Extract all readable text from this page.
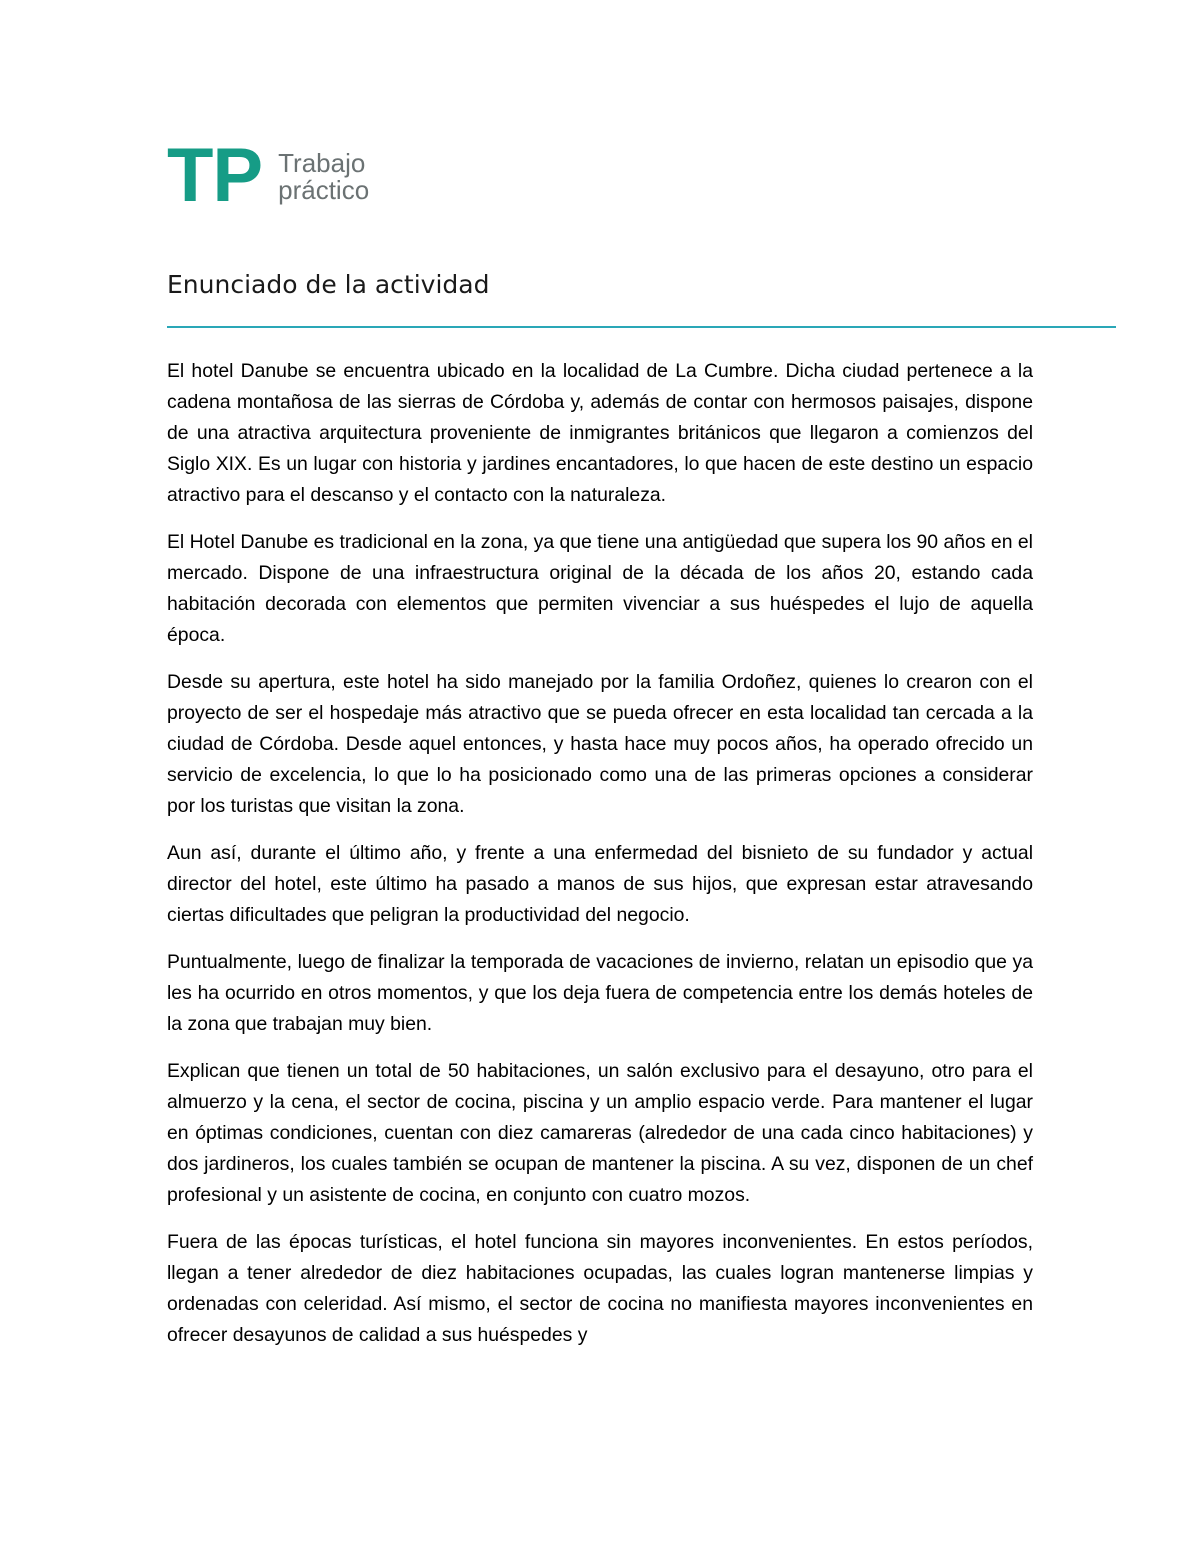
TP Trabajo
práctico
Enunciado de la actividad

El hotel Danube se encuentra ubicado en la localidad de La Cumbre. Dicha ciudad pertenece a la cadena montañosa de las sierras de Córdoba y, además de contar con hermosos paisajes, dispone de una atractiva arquitectura proveniente de inmigrantes británicos que llegaron a comienzos del Siglo XIX. Es un lugar con historia y jardines encantadores, lo que hacen de este destino un espacio atractivo para el descanso y el contacto con la naturaleza.

El Hotel Danube es tradicional en la zona, ya que tiene una antigüedad que supera los 90 años en el mercado. Dispone de una infraestructura original de la década de los años 20, estando cada habitación decorada con elementos que permiten vivenciar a sus huéspedes el lujo de aquella época.

Desde su apertura, este hotel ha sido manejado por la familia Ordoñez, quienes lo crearon con el proyecto de ser el hospedaje más atractivo que se pueda ofrecer en esta localidad tan cercada a la ciudad de Córdoba. Desde aquel entonces, y hasta hace muy pocos años, ha operado ofrecido un servicio de excelencia, lo que lo ha posicionado como una de las primeras opciones a considerar por los turistas que visitan la zona.

Aun así, durante el último año, y frente a una enfermedad del bisnieto de su fundador y actual director del hotel, este último ha pasado a manos de sus hijos, que expresan estar atravesando ciertas dificultades que peligran la productividad del negocio.

Puntualmente, luego de finalizar la temporada de vacaciones de invierno, relatan un episodio que ya les ha ocurrido en otros momentos, y que los deja fuera de competencia entre los demás hoteles de la zona que trabajan muy bien.

Explican que tienen un total de 50 habitaciones, un salón exclusivo para el desayuno, otro para el almuerzo y la cena, el sector de cocina, piscina y un amplio espacio verde. Para mantener el lugar en óptimas condiciones, cuentan con diez camareras (alrededor de una cada cinco habitaciones) y dos jardineros, los cuales también se ocupan de mantener la piscina. A su vez, disponen de un chef profesional y un asistente de cocina, en conjunto con cuatro mozos.

Fuera de las épocas turísticas, el hotel funciona sin mayores inconvenientes. En estos períodos, llegan a tener alrededor de diez habitaciones ocupadas, las cuales logran mantenerse limpias y ordenadas con celeridad. Así mismo, el sector de cocina no manifiesta mayores inconvenientes en ofrecer desayunos de calidad a sus huéspedes y
